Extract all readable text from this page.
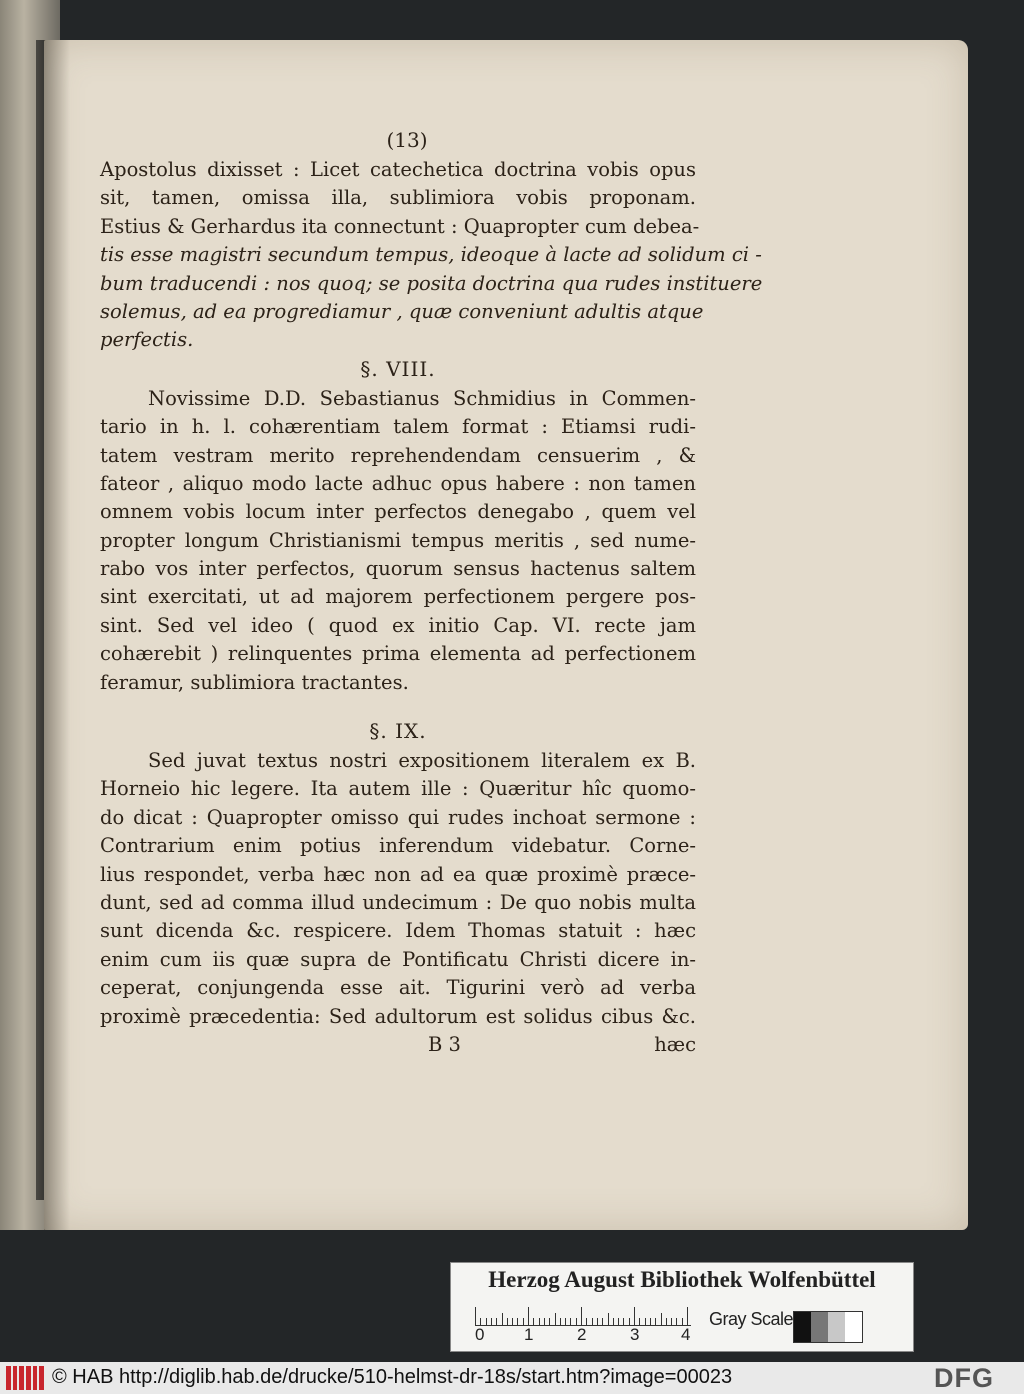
(13)
Apostolus dixisset : Licet catechetica doctrina vobis opus
sit, tamen, omissa illa, sublimiora vobis proponam.
Estius & Gerhardus ita connectunt : Quapropter cum debea-
tis esse magistri secundum tempus, ideoque à lacte ad solidum ci -
bum traducendi : nos quoq; se posita doctrina qua rudes instituere
solemus, ad ea progrediamur , quæ conveniunt adultis atque
perfectis.
§. VIII.
Novissime D.D. Sebastianus Schmidius in Commen-
tario in h. l. cohærentiam talem format : Etiamsi rudi-
tatem vestram merito reprehendendam censuerim , &
fateor , aliquo modo lacte adhuc opus habere : non tamen
omnem vobis locum inter perfectos denegabo , quem vel
propter longum Christianismi tempus meritis , sed nume-
rabo vos inter perfectos, quorum sensus hactenus saltem
sint exercitati, ut ad majorem perfectionem pergere pos-
sint. Sed vel ideo ( quod ex initio Cap. VI. recte jam
cohærebit ) relinquentes prima elementa ad perfectionem
feramur, sublimiora tractantes.
§. IX.
Sed juvat textus nostri expositionem literalem ex B.
Horneio hic legere. Ita autem ille : Quæritur hîc quomo-
do dicat : Quapropter omisso qui rudes inchoat sermone :
Contrarium enim potius inferendum videbatur. Corne-
lius respondet, verba hæc non ad ea quæ proximè præce-
dunt, sed ad comma illud undecimum : De quo nobis multa
sunt dicenda &c. respicere. Idem Thomas statuit : hæc
enim cum iis quæ supra de Pontificatu Christi dicere in-
ceperat, conjungenda esse ait. Tigurini verò ad verba
proximè præcedentia: Sed adultorum est solidus cibus &c.
B 3	hæc
Herzog August Bibliothek Wolfenbüttel
0 1	2	3 4
Gray Scale
© HAB http://diglib.hab.de/drucke/510-helmst-dr-18s/start.htm?image=00023	DFG
